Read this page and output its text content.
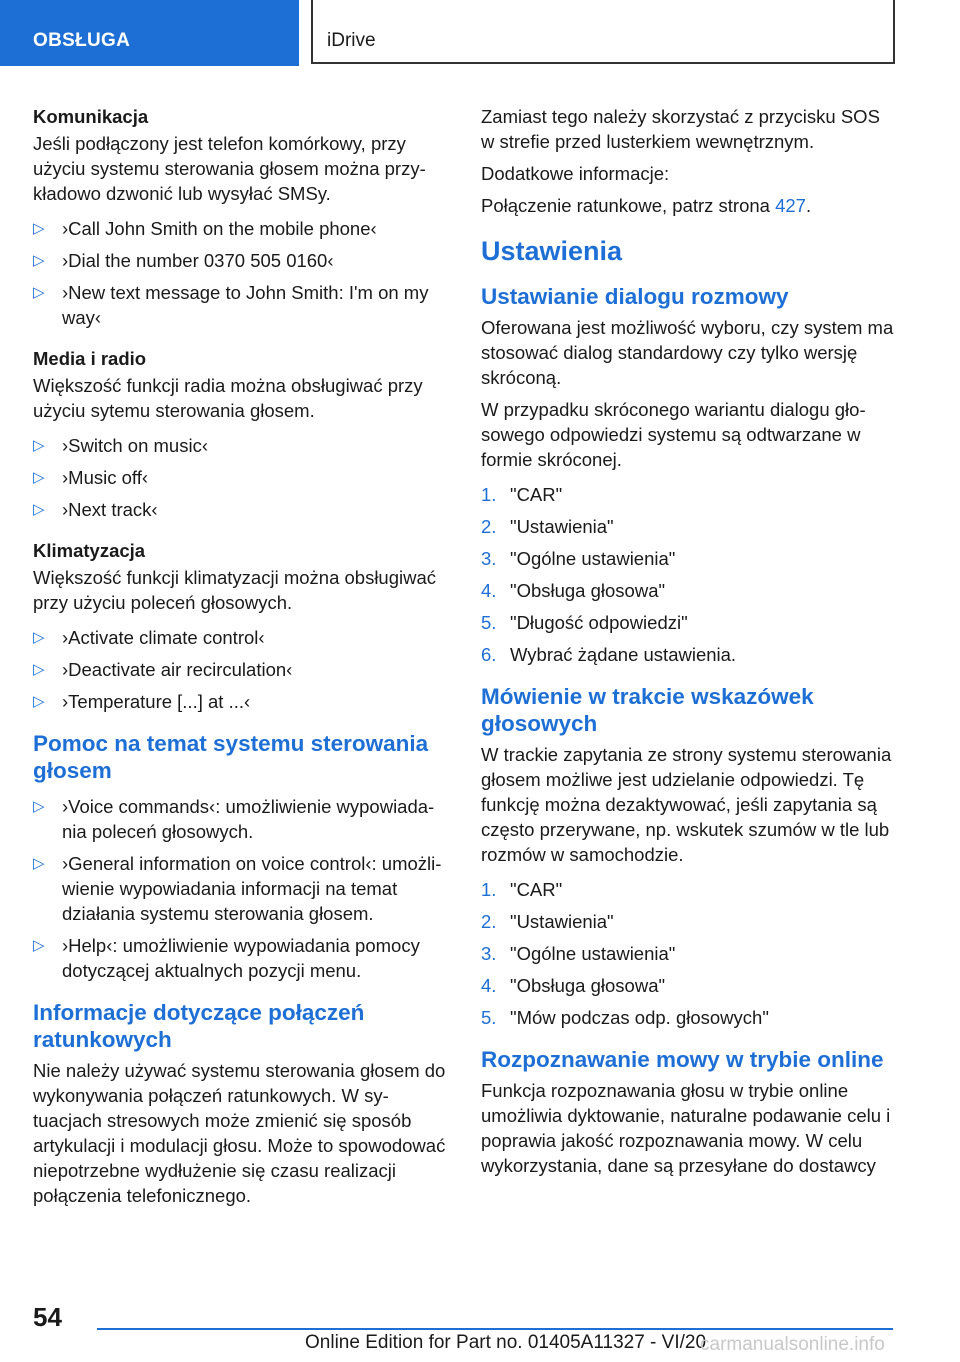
OBSŁUGA	iDrive

Komunikacja

Jeśli podłączony jest telefon komórkowy, przy użyciu systemu sterowania głosem można przykładowo dzwonić lub wysyłać SMSy.

▷ ›Call John Smith on the mobile phone‹
▷ ›Dial the number 0370 505 0160‹
▷ ›New text message to John Smith: I'm on my way‹

Media i radio

Większość funkcji radia można obsługiwać przy użyciu sytemu sterowania głosem.

▷ ›Switch on music‹
▷ ›Music off‹
▷ ›Next track‹

Klimatyzacja

Większość funkcji klimatyzacji można obsługiwać przy użyciu poleceń głosowych.

▷ ›Activate climate control‹
▷ ›Deactivate air recirculation‹
▷ ›Temperature [...] at ...‹
Pomoc na temat systemu sterowania głosem
▷ ›Voice commands‹: umożliwienie wypowiadania poleceń głosowych.
▷ ›General information on voice control‹: umożliwienie wypowiadania informacji na temat działania systemu sterowania głosem.
▷ ›Help‹: umożliwienie wypowiadania pomocy dotyczącej aktualnych pozycji menu.
Informacje dotyczące połączeń ratunkowych

Nie należy używać systemu sterowania głosem do wykonywania połączeń ratunkowych. W sytuacjach stresowych może zmienić się sposób artykulacji i modulacji głosu. Może to spowodować niepotrzebne wydłużenie się czasu realizacji połączenia telefonicznego.

Zamiast tego należy skorzystać z przycisku SOS w strefie przed lusterkiem wewnętrznym.

Dodatkowe informacje:

Połączenie ratunkowe, patrz strona 427.

Ustawienia
Ustawianie dialogu rozmowy

Oferowana jest możliwość wyboru, czy system ma stosować dialog standardowy czy tylko wersję skróconą.

W przypadku skróconego wariantu dialogu głosowego odpowiedzi systemu są odtwarzane w formie skróconej.

1. "CAR"
2. "Ustawienia"
3. "Ogólne ustawienia"
4. "Obsługa głosowa"
5. "Długość odpowiedzi"
6. Wybrać żądane ustawienia.
Mówienie w trakcie wskazówek głosowych

W trackie zapytania ze strony systemu sterowania głosem możliwe jest udzielanie odpowiedzi. Tę funkcję można dezaktywować, jeśli zapytania są często przerywane, np. wskutek szumów w tle lub rozmów w samochodzie.

1. "CAR"
2. "Ustawienia"
3. "Ogólne ustawienia"
4. "Obsługa głosowa"
5. "Mów podczas odp. głosowych"
Rozpoznawanie mowy w trybie online

Funkcja rozpoznawania głosu w trybie online umożliwia dyktowanie, naturalne podawanie celu i poprawia jakość rozpoznawania mowy. W celu wykorzystania, dane są przesyłane do dostawcy

54
Online Edition for Part no. 01405A11327 - VI/20
carmanualsonline.info
